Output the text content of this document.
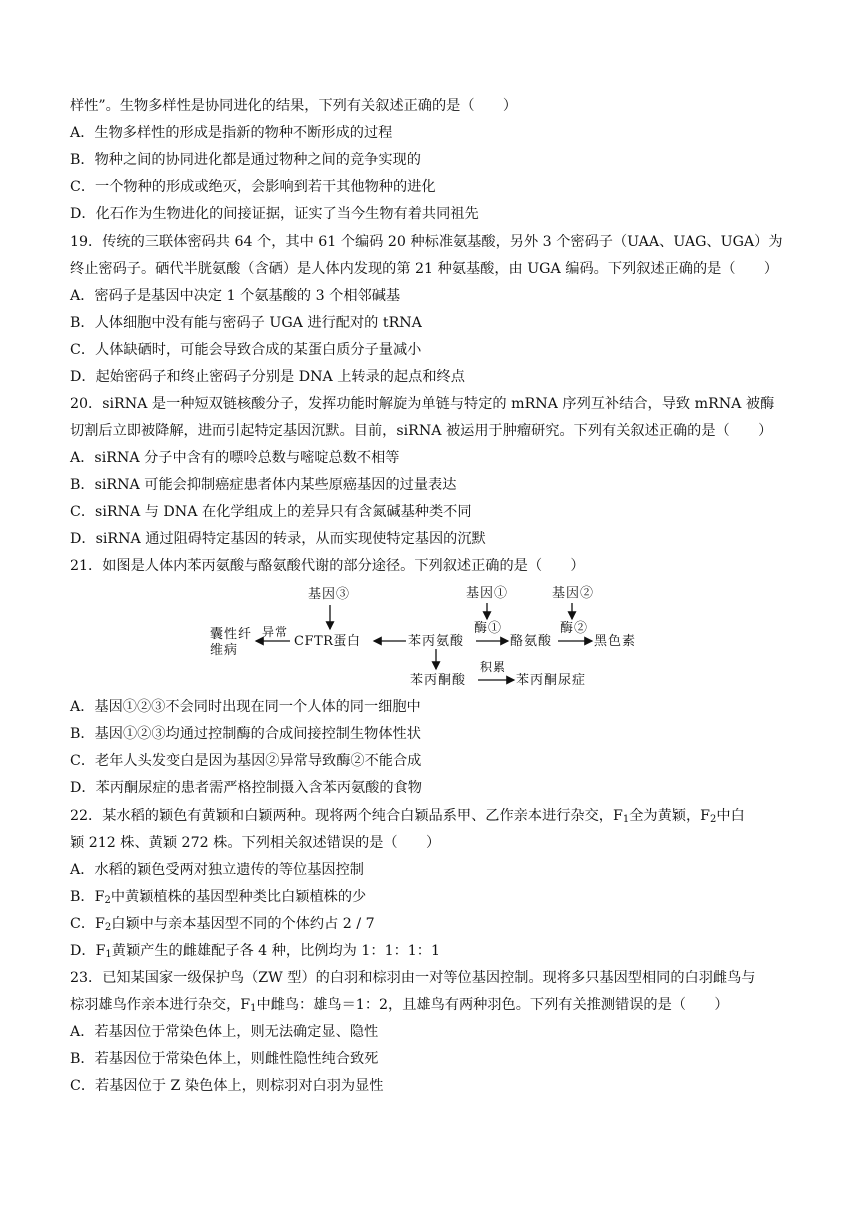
样性”。生物多样性是协同进化的结果，下列有关叙述正确的是（　　）
A．生物多样性的形成是指新的物种不断形成的过程
B．物种之间的协同进化都是通过物种之间的竞争实现的
C．一个物种的形成或绝灭，会影响到若干其他物种的进化
D．化石作为生物进化的间接证据，证实了当今生物有着共同祖先
19．传统的三联体密码共 64 个，其中 61 个编码 20 种标准氨基酸，另外 3 个密码子（UAA、UAG、UGA）为
终止密码子。硒代半胱氨酸（含硒）是人体内发现的第 21 种氨基酸，由 UGA 编码。下列叙述正确的是（　　）
A．密码子是基因中决定 1 个氨基酸的 3 个相邻碱基
B．人体细胞中没有能与密码子 UGA 进行配对的 tRNA
C．人体缺硒时，可能会导致合成的某蛋白质分子量减小
D．起始密码子和终止密码子分别是 DNA 上转录的起点和终点
20．siRNA 是一种短双链核酸分子，发挥功能时解旋为单链与特定的 mRNA 序列互补结合，导致 mRNA 被酶
切割后立即被降解，进而引起特定基因沉默。目前，siRNA 被运用于肿瘤研究。下列有关叙述正确的是（　　）
A．siRNA 分子中含有的嘌呤总数与嘧啶总数不相等
B．siRNA 可能会抑制癌症患者体内某些原癌基因的过量表达
C．siRNA 与 DNA 在化学组成上的差异只有含氮碱基种类不同
D．siRNA 通过阻碍特定基因的转录，从而实现使特定基因的沉默
21．如图是人体内苯丙氨酸与酪氨酸代谢的部分途径。下列叙述正确的是（　　）
基因③	基因①	基因②
囊性纤
维病
异常
CFTR蛋白	苯丙氨酸
酶①
酪氨酸
酶②
黑色素
积累
苯丙酮酸	苯丙酮尿症
A．基因①②③不会同时出现在同一个人体的同一细胞中
B．基因①②③均通过控制酶的合成间接控制生物体性状
C．老年人头发变白是因为基因②异常导致酶②不能合成
D．苯丙酮尿症的患者需严格控制摄入含苯丙氨酸的食物
22．某水稻的颖色有黄颖和白颖两种。现将两个纯合白颖品系甲、乙作亲本进行杂交，$F_1$全为黄颖，$F_2$中白
颖 212 株、黄颖 272 株。下列相关叙述错误的是（　　）
A．水稻的颖色受两对独立遗传的等位基因控制
B．$F_2$中黄颖植株的基因型种类比白颖植株的少
C．$F_2$白颖中与亲本基因型不同的个体约占 2 / 7
D．$F_1$黄颖产生的雌雄配子各 4 种，比例均为 1：1：1：1
23．已知某国家一级保护鸟（ZW 型）的白羽和棕羽由一对等位基因控制。现将多只基因型相同的白羽雌鸟与
棕羽雄鸟作亲本进行杂交，$F_1$中雌鸟：雄鸟＝1：2，且雄鸟有两种羽色。下列有关推测错误的是（　　）
A．若基因位于常染色体上，则无法确定显、隐性
B．若基因位于常染色体上，则雌性隐性纯合致死
C．若基因位于 Z 染色体上，则棕羽对白羽为显性
